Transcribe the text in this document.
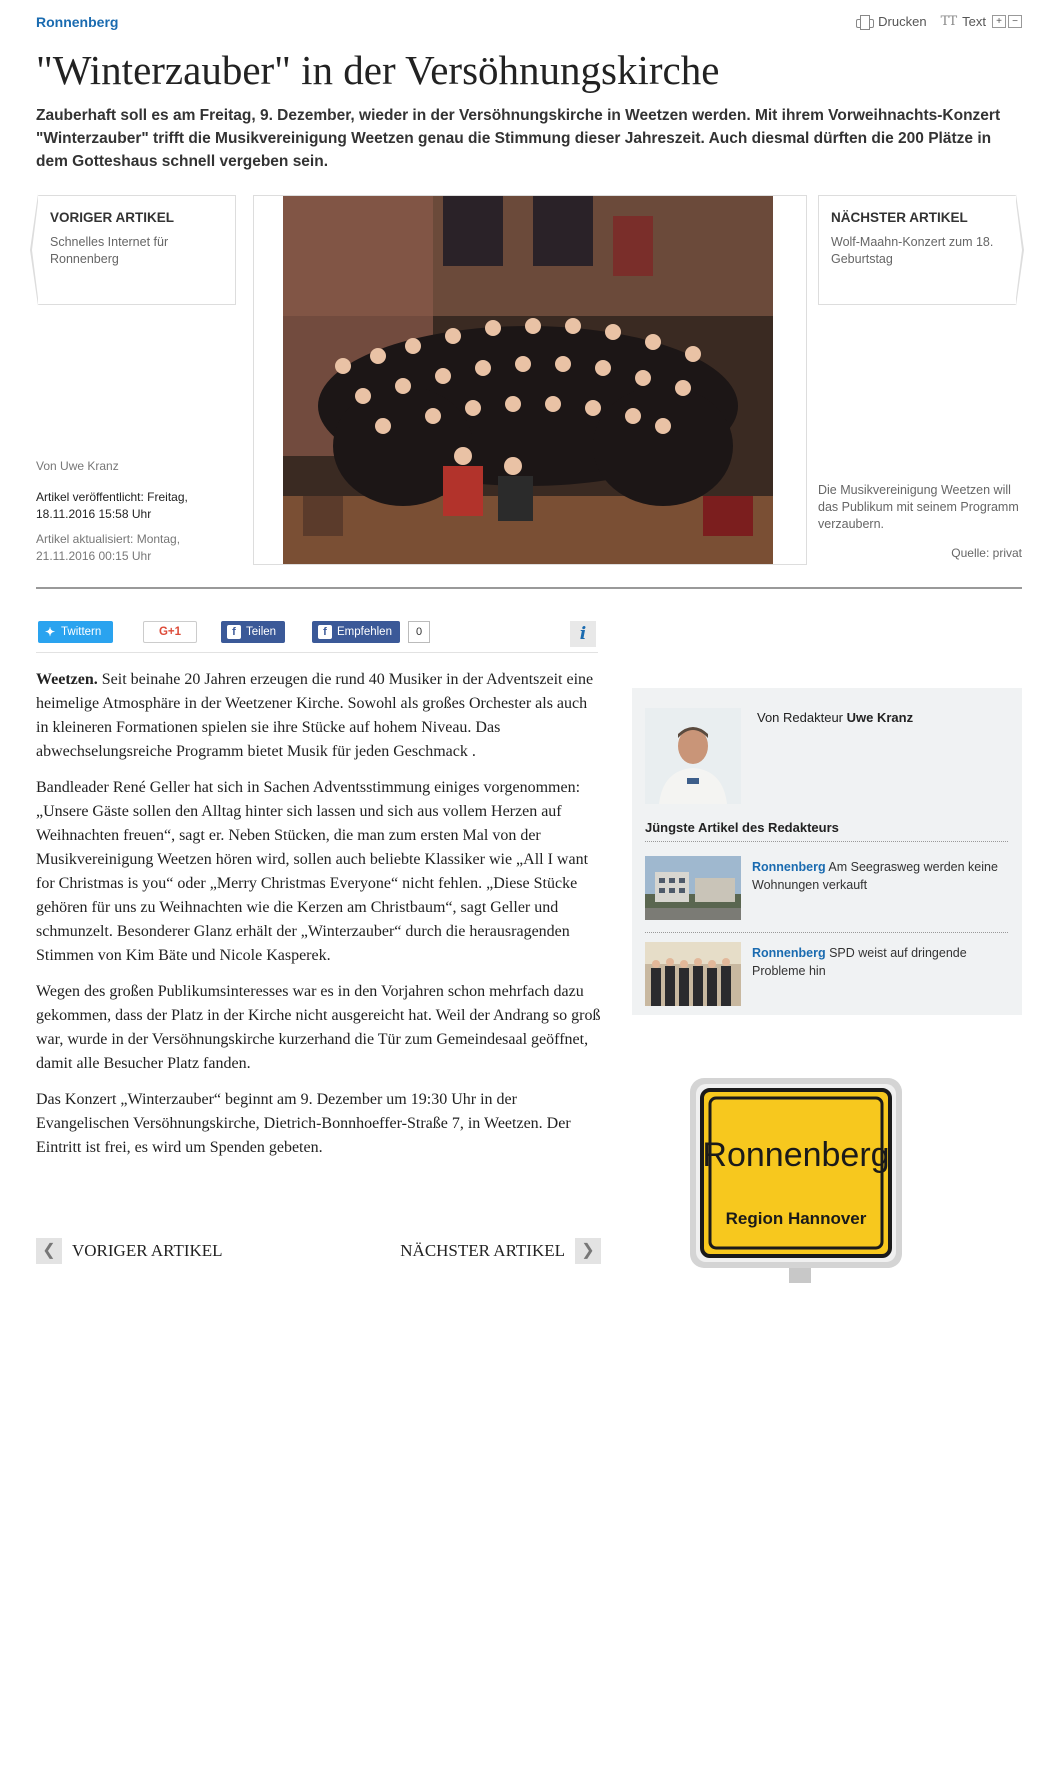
Ronnenberg	Drucken TT Text	+	−
"Winterzauber" in der Versöhnungskirche

Zauberhaft soll es am Freitag, 9. Dezember, wieder in der Versöhnungskirche in Weetzen werden. Mit ihrem Vorweihnachts-Konzert "Winterzauber" trifft die Musikvereinigung Weetzen genau die Stimmung dieser Jahreszeit. Auch diesmal dürften die 200 Plätze in dem Gotteshaus schnell vergeben sein.

VORIGER ARTIKEL
Schnelles Internet für Ronnenberg
NÄCHSTER ARTIKEL
Wolf-Maahn-Konzert zum 18. Geburtstag
Von Uwe Kranz
Artikel veröffentlicht: Freitag, 18.11.2016 15:58 Uhr
Artikel aktualisiert: Montag, 21.11.2016 00:15 Uhr
Die Musikvereinigung Weetzen will das Publikum mit seinem Programm verzaubern.
Quelle: privat
✦ Twittern	G+1	f Teilen	f Empfehlen	0	i

Weetzen. Seit beinahe 20 Jahren erzeugen die rund 40 Musiker in der Adventszeit eine heimelige Atmosphäre in der Weetzener Kirche. Sowohl als großes Orchester als auch in kleineren Formationen spielen sie ihre Stücke auf hohem Niveau. Das abwechselungsreiche Programm bietet Musik für jeden Geschmack .

Bandleader René Geller hat sich in Sachen Adventsstimmung einiges vorgenommen: „Unsere Gäste sollen den Alltag hinter sich lassen und sich aus vollem Herzen auf Weihnachten freuen“, sagt er. Neben Stücken, die man zum ersten Mal von der Musikvereinigung Weetzen hören wird, sollen auch beliebte Klassiker wie „All I want for Christmas is you“ oder „Merry Christmas Everyone“ nicht fehlen. „Diese Stücke gehören für uns zu Weihnachten wie die Kerzen am Christbaum“, sagt Geller und schmunzelt. Besonderer Glanz erhält der „Winterzauber“ durch die herausragenden Stimmen von Kim Bäte und Nicole Kasperek.

Wegen des großen Publikumsinteresses war es in den Vorjahren schon mehrfach dazu gekommen, dass der Platz in der Kirche nicht ausgereicht hat. Weil der Andrang so groß war, wurde in der Versöhnungskirche kurzerhand die Tür zum Gemeindesaal geöffnet, damit alle Besucher Platz fanden.

Das Konzert „Winterzauber“ beginnt am 9. Dezember um 19:30 Uhr in der Evangelischen Versöhnungskirche, Dietrich-Bonnhoeffer-Straße 7, in Weetzen. Der Eintritt ist frei, es wird um Spenden gebeten.

❮ VORIGER ARTIKEL	NÄCHSTER ARTIKEL	❯
Von Redakteur Uwe Kranz
Jüngste Artikel des Redakteurs
Ronnenberg Am Seegrasweg werden keine Wohnungen verkauft
Ronnenberg SPD weist auf dringende Probleme hin
Ronnenberg
Region Hannover
